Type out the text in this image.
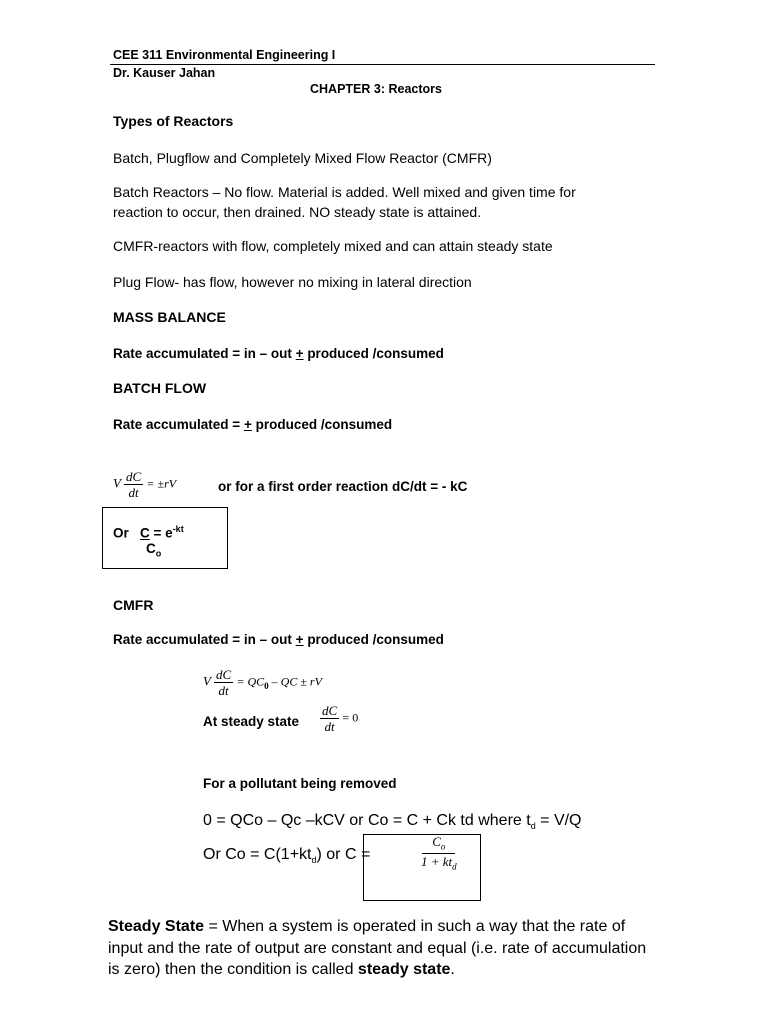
CEE 311 Environmental Engineering I
Dr. Kauser Jahan
CHAPTER 3: Reactors
Types of Reactors
Batch, Plugflow and Completely Mixed Flow Reactor (CMFR)
Batch Reactors – No flow. Material is added. Well mixed and given time for
reaction to occur, then drained. NO steady state is attained.
CMFR-reactors with flow, completely mixed and can attain steady state
Plug Flow- has flow, however no mixing in lateral direction
MASS BALANCE
Rate accumulated = in – out + produced /consumed
BATCH FLOW
Rate accumulated = + produced /consumed
V $\frac{dC}{dt} = \pm rV$	or for a first order reaction dC/dt = - kC
Or $C = e^{-kt}$
$C_o$
CMFR
Rate accumulated = in – out + produced /consumed
V $\frac{dC}{dt} = QC_0$ – QC ± rV
At steady state $\frac{dC}{dt} = 0$
For a pollutant being removed
0 = QCo – Qc –kCV or Co = C + Ck td where $t_d = V/Q$
Or $Co = C(1+kt_d)$ or C =	$\frac{C_o}{1 + kt_d}$
Steady State = When a system is operated in such a way that the rate of
input and the rate of output are constant and equal (i.e. rate of accumulation
is zero) then the condition is called steady state.
